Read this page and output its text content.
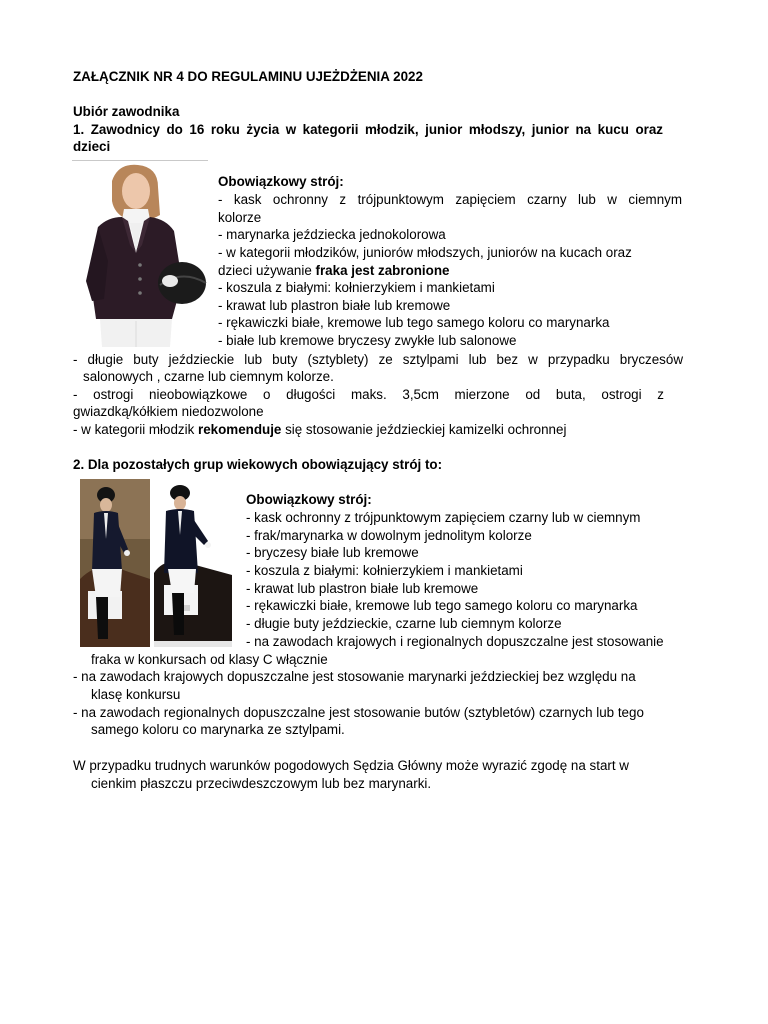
ZAŁĄCZNIK NR 4 DO REGULAMINU UJEŻDŻENIA 2022
Ubiór zawodnika
1. Zawodnicy do 16 roku życia w kategorii młodzik, junior młodszy, junior na kucu oraz
dzieci
Obowiązkowy strój:
- kask ochronny z trójpunktowym zapięciem czarny lub w ciemnym
kolorze
- marynarka jeździecka jednokolorowa
- w kategorii młodzików, juniorów młodszych, juniorów na kucach oraz
dzieci używanie fraka jest zabronione
- koszula z białymi: kołnierzykiem i mankietami
- krawat lub plastron białe lub kremowe
- rękawiczki białe, kremowe lub tego samego koloru co marynarka
- białe lub kremowe bryczesy zwykłe lub salonowe
- długie buty jeździeckie lub buty (sztyblety) ze sztylpami lub bez w przypadku bryczesów
salonowych , czarne lub ciemnym kolorze.
- ostrogi nieobowiązkowe o długości maks. 3,5cm mierzone od buta, ostrogi z
gwiazdką/kółkiem niedozwolone
- w kategorii młodzik rekomenduje się stosowanie jeździeckiej kamizelki ochronnej
2. Dla pozostałych grup wiekowych obowiązujący strój to:
Obowiązkowy strój:
- kask ochronny z trójpunktowym zapięciem czarny lub w ciemnym
- frak/marynarka w dowolnym jednolitym kolorze
- bryczesy białe lub kremowe
- koszula z białymi: kołnierzykiem i mankietami
- krawat lub plastron białe lub kremowe
- rękawiczki białe, kremowe lub tego samego koloru co marynarka
- długie buty jeździeckie, czarne lub ciemnym kolorze
- na zawodach krajowych i regionalnych dopuszczalne jest stosowanie
fraka w konkursach od klasy C włącznie
- na zawodach krajowych dopuszczalne jest stosowanie marynarki jeździeckiej bez względu na
klasę konkursu
- na zawodach regionalnych dopuszczalne jest stosowanie butów (sztybletów) czarnych lub tego
samego koloru co marynarka ze sztylpami.
W przypadku trudnych warunków pogodowych Sędzia Główny może wyrazić zgodę na start w
cienkim płaszczu przeciwdeszczowym lub bez marynarki.
